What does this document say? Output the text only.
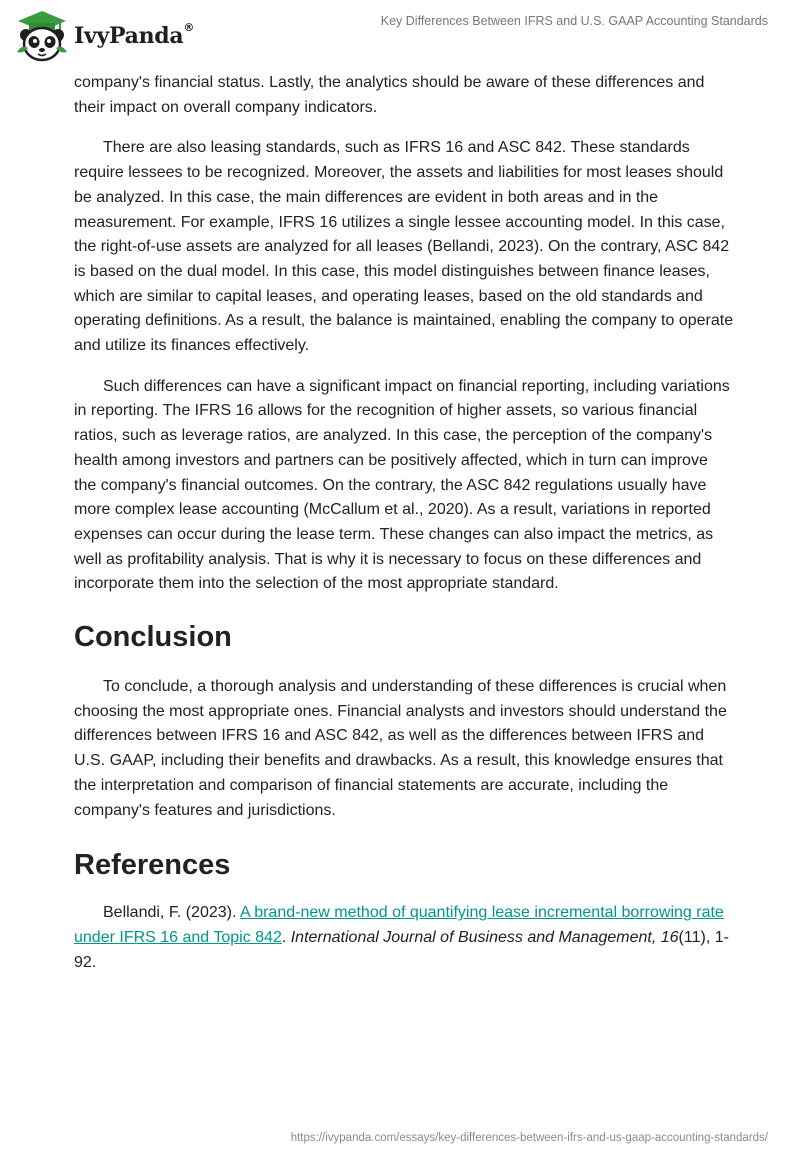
IvyPanda®	Key Differences Between IFRS and U.S. GAAP Accounting Standards

company's financial status. Lastly, the analytics should be aware of these differences and their impact on overall company indicators.

There are also leasing standards, such as IFRS 16 and ASC 842. These standards require lessees to be recognized. Moreover, the assets and liabilities for most leases should be analyzed. In this case, the main differences are evident in both areas and in the measurement. For example, IFRS 16 utilizes a single lessee accounting model. In this case, the right-of-use assets are analyzed for all leases (Bellandi, 2023). On the contrary, ASC 842 is based on the dual model. In this case, this model distinguishes between finance leases, which are similar to capital leases, and operating leases, based on the old standards and operating definitions. As a result, the balance is maintained, enabling the company to operate and utilize its finances effectively.

Such differences can have a significant impact on financial reporting, including variations in reporting. The IFRS 16 allows for the recognition of higher assets, so various financial ratios, such as leverage ratios, are analyzed. In this case, the perception of the company's health among investors and partners can be positively affected, which in turn can improve the company's financial outcomes. On the contrary, the ASC 842 regulations usually have more complex lease accounting (McCallum et al., 2020). As a result, variations in reported expenses can occur during the lease term. These changes can also impact the metrics, as well as profitability analysis. That is why it is necessary to focus on these differences and incorporate them into the selection of the most appropriate standard.

Conclusion

To conclude, a thorough analysis and understanding of these differences is crucial when choosing the most appropriate ones. Financial analysts and investors should understand the differences between IFRS 16 and ASC 842, as well as the differences between IFRS and U.S. GAAP, including their benefits and drawbacks. As a result, this knowledge ensures that the interpretation and comparison of financial statements are accurate, including the company's features and jurisdictions.

References

Bellandi, F. (2023). A brand-new method of quantifying lease incremental borrowing rate under IFRS 16 and Topic 842. International Journal of Business and Management, 16(11), 1-92.

https://ivypanda.com/essays/key-differences-between-ifrs-and-us-gaap-accounting-standards/
